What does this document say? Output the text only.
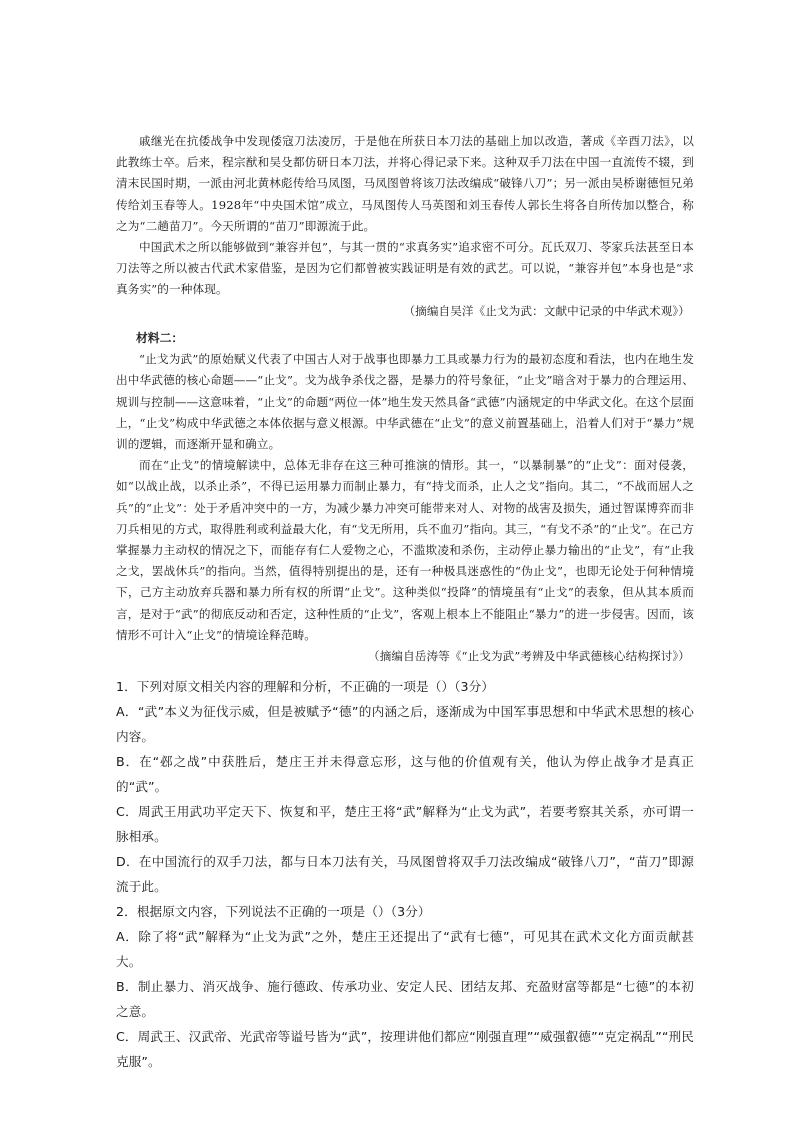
戚继光在抗倭战争中发现倭寇刀法凌厉，于是他在所获日本刀法的基础上加以改造，著成《辛酉刀法》，以此教练士卒。后来，程宗猷和吴殳都仿研日本刀法，并将心得记录下来。这种双手刀法在中国一直流传不辍，到清末民国时期，一派由河北黄林彪传给马凤图，马凤图曾将该刀法改编成“破锋八刀”；另一派由吴桥谢德恒兄弟传给刘玉春等人。1928年“中央国术馆”成立，马凤图传人马英图和刘玉春传人郭长生将各自所传加以整合，称之为“二趟苗刀”。今天所谓的“苗刀”即源流于此。

中国武术之所以能够做到“兼容并包”，与其一贯的“求真务实”追求密不可分。瓦氏双刀、苓家兵法甚至日本刀法等之所以被古代武术家借鉴，是因为它们都曾被实践证明是有效的武艺。可以说，“兼容并包”本身也是“求真务实”的一种体现。

（摘编自吴洋《止戈为武：文献中记录的中华武术观》）

材料二：

“止戈为武”的原始赋义代表了中国古人对于战事也即暴力工具或暴力行为的最初态度和看法，也内在地生发出中华武德的核心命题——“止戈”。戈为战争杀伐之器，是暴力的符号象征，“止戈”暗含对于暴力的合理运用、规训与控制——这意味着，“止戈”的命题“两位一体”地生发天然具备“武德”内涵规定的中华武文化。在这个层面上，“止戈”构成中华武德之本体依据与意义根源。中华武德在“止戈”的意义前置基础上，沿着人们对于“暴力”规训的逻辑，而逐渐开显和确立。

而在“止戈”的情境解读中，总体无非存在这三种可推演的情形。其一，“以暴制暴”的“止戈”：面对侵袭，如“以战止战，以杀止杀”，不得已运用暴力而制止暴力，有“持戈而杀，止人之戈”指向。其二，“不战而屈人之兵”的“止戈”：处于矛盾冲突中的一方，为减少暴力冲突可能带来对人、对物的战害及损失，通过智谋博弈而非刀兵相见的方式，取得胜利或利益最大化，有“戈无所用，兵不血刃”指向。其三，“有戈不杀”的“止戈”。在己方掌握暴力主动权的情况之下，而能存有仁人爱物之心，不滥欺凌和杀伤，主动停止暴力输出的“止戈”，有“止我之戈，罢战休兵”的指向。当然，值得特别提出的是，还有一种极具迷惑性的“伪止戈”，也即无论处于何种情境下，己方主动放弃兵器和暴力所有权的所谓“止戈”。这种类似“投降”的情境虽有“止戈”的表象，但从其本质而言，是对于“武”的彻底反动和否定，这种性质的“止戈”，客观上根本上不能阻止“暴力”的进一步侵害。因而，该情形不可计入“止戈”的情境诠释范畴。

（摘编自岳涛等《“止戈为武”考辨及中华武德核心结构探讨》）

1．下列对原文相关内容的理解和分析，不正确的一项是（）（3分）

A．“武”本义为征伐示威，但是被赋予“德”的内涵之后，逐渐成为中国军事思想和中华武术思想的核心内容。

B．在“邲之战”中获胜后，楚庄王并未得意忘形，这与他的价值观有关，他认为停止战争才是真正的“武”。

C．周武王用武功平定天下、恢复和平，楚庄王将“武”解释为“止戈为武”，若要考察其关系，亦可谓一脉相承。

D．在中国流行的双手刀法，都与日本刀法有关，马凤图曾将双手刀法改编成“破锋八刀”，“苗刀”即源流于此。

2．根据原文内容，下列说法不正确的一项是（）（3分）

A．除了将“武”解释为“止戈为武”之外，楚庄王还提出了“武有七德”，可见其在武术文化方面贡献甚大。

B．制止暴力、消灭战争、施行德政、传承功业、安定人民、团结友邦、充盈财富等都是“七德”的本初之意。

C．周武王、汉武帝、光武帝等谥号皆为“武”，按理讲他们都应“刚强直理”“威强叡德”“克定祸乱”“刑民克服”。
